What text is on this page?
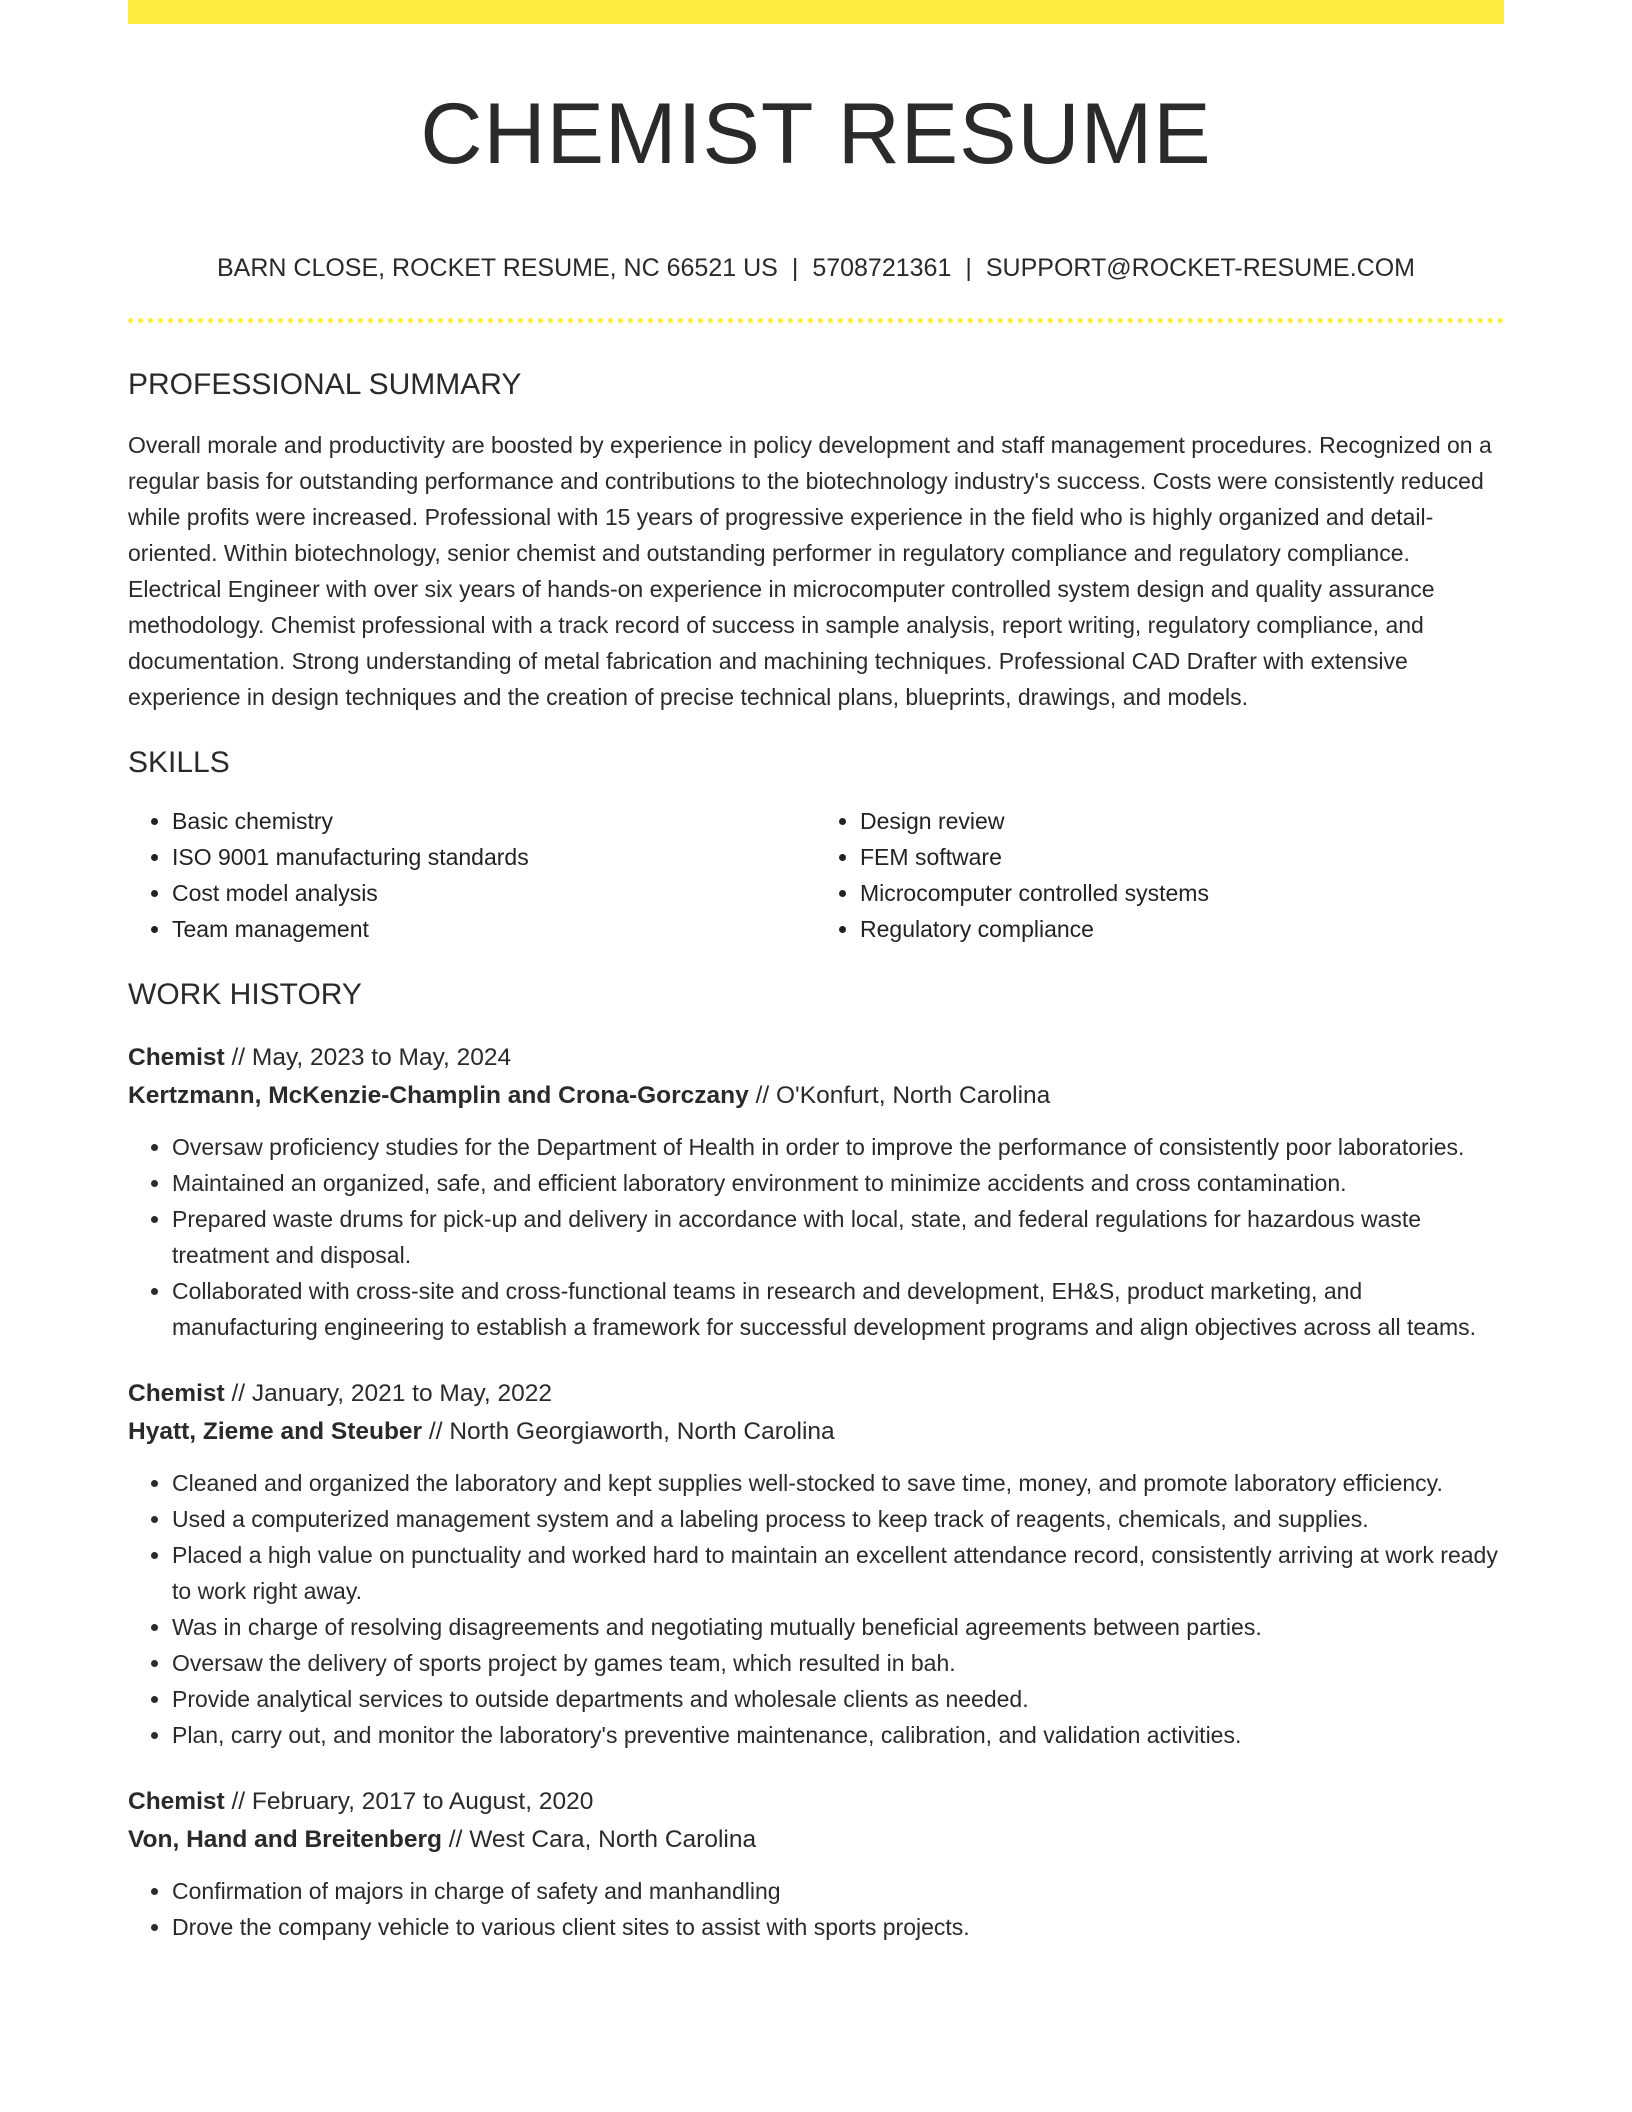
CHEMIST RESUME
BARN CLOSE, ROCKET RESUME, NC 66521 US | 5708721361 | SUPPORT@ROCKET-RESUME.COM
PROFESSIONAL SUMMARY
Overall morale and productivity are boosted by experience in policy development and staff management procedures. Recognized on a regular basis for outstanding performance and contributions to the biotechnology industry's success. Costs were consistently reduced while profits were increased. Professional with 15 years of progressive experience in the field who is highly organized and detail-oriented. Within biotechnology, senior chemist and outstanding performer in regulatory compliance and regulatory compliance. Electrical Engineer with over six years of hands-on experience in microcomputer controlled system design and quality assurance methodology. Chemist professional with a track record of success in sample analysis, report writing, regulatory compliance, and documentation. Strong understanding of metal fabrication and machining techniques. Professional CAD Drafter with extensive experience in design techniques and the creation of precise technical plans, blueprints, drawings, and models.
SKILLS
• Basic chemistry
• ISO 9001 manufacturing standards
• Cost model analysis
• Team management
• Design review
• FEM software
• Microcomputer controlled systems
• Regulatory compliance
WORK HISTORY
Chemist // May, 2023 to May, 2024
Kertzmann, McKenzie-Champlin and Crona-Gorczany // O'Konfurt, North Carolina
• Oversaw proficiency studies for the Department of Health in order to improve the performance of consistently poor laboratories.
• Maintained an organized, safe, and efficient laboratory environment to minimize accidents and cross contamination.
• Prepared waste drums for pick-up and delivery in accordance with local, state, and federal regulations for hazardous waste treatment and disposal.
• Collaborated with cross-site and cross-functional teams in research and development, EH&S, product marketing, and manufacturing engineering to establish a framework for successful development programs and align objectives across all teams.
Chemist // January, 2021 to May, 2022
Hyatt, Zieme and Steuber // North Georgiaworth, North Carolina
• Cleaned and organized the laboratory and kept supplies well-stocked to save time, money, and promote laboratory efficiency.
• Used a computerized management system and a labeling process to keep track of reagents, chemicals, and supplies.
• Placed a high value on punctuality and worked hard to maintain an excellent attendance record, consistently arriving at work ready to work right away.
• Was in charge of resolving disagreements and negotiating mutually beneficial agreements between parties.
• Oversaw the delivery of sports project by games team, which resulted in bah.
• Provide analytical services to outside departments and wholesale clients as needed.
• Plan, carry out, and monitor the laboratory's preventive maintenance, calibration, and validation activities.
Chemist // February, 2017 to August, 2020
Von, Hand and Breitenberg // West Cara, North Carolina
• Confirmation of majors in charge of safety and manhandling
• Drove the company vehicle to various client sites to assist with sports projects.
